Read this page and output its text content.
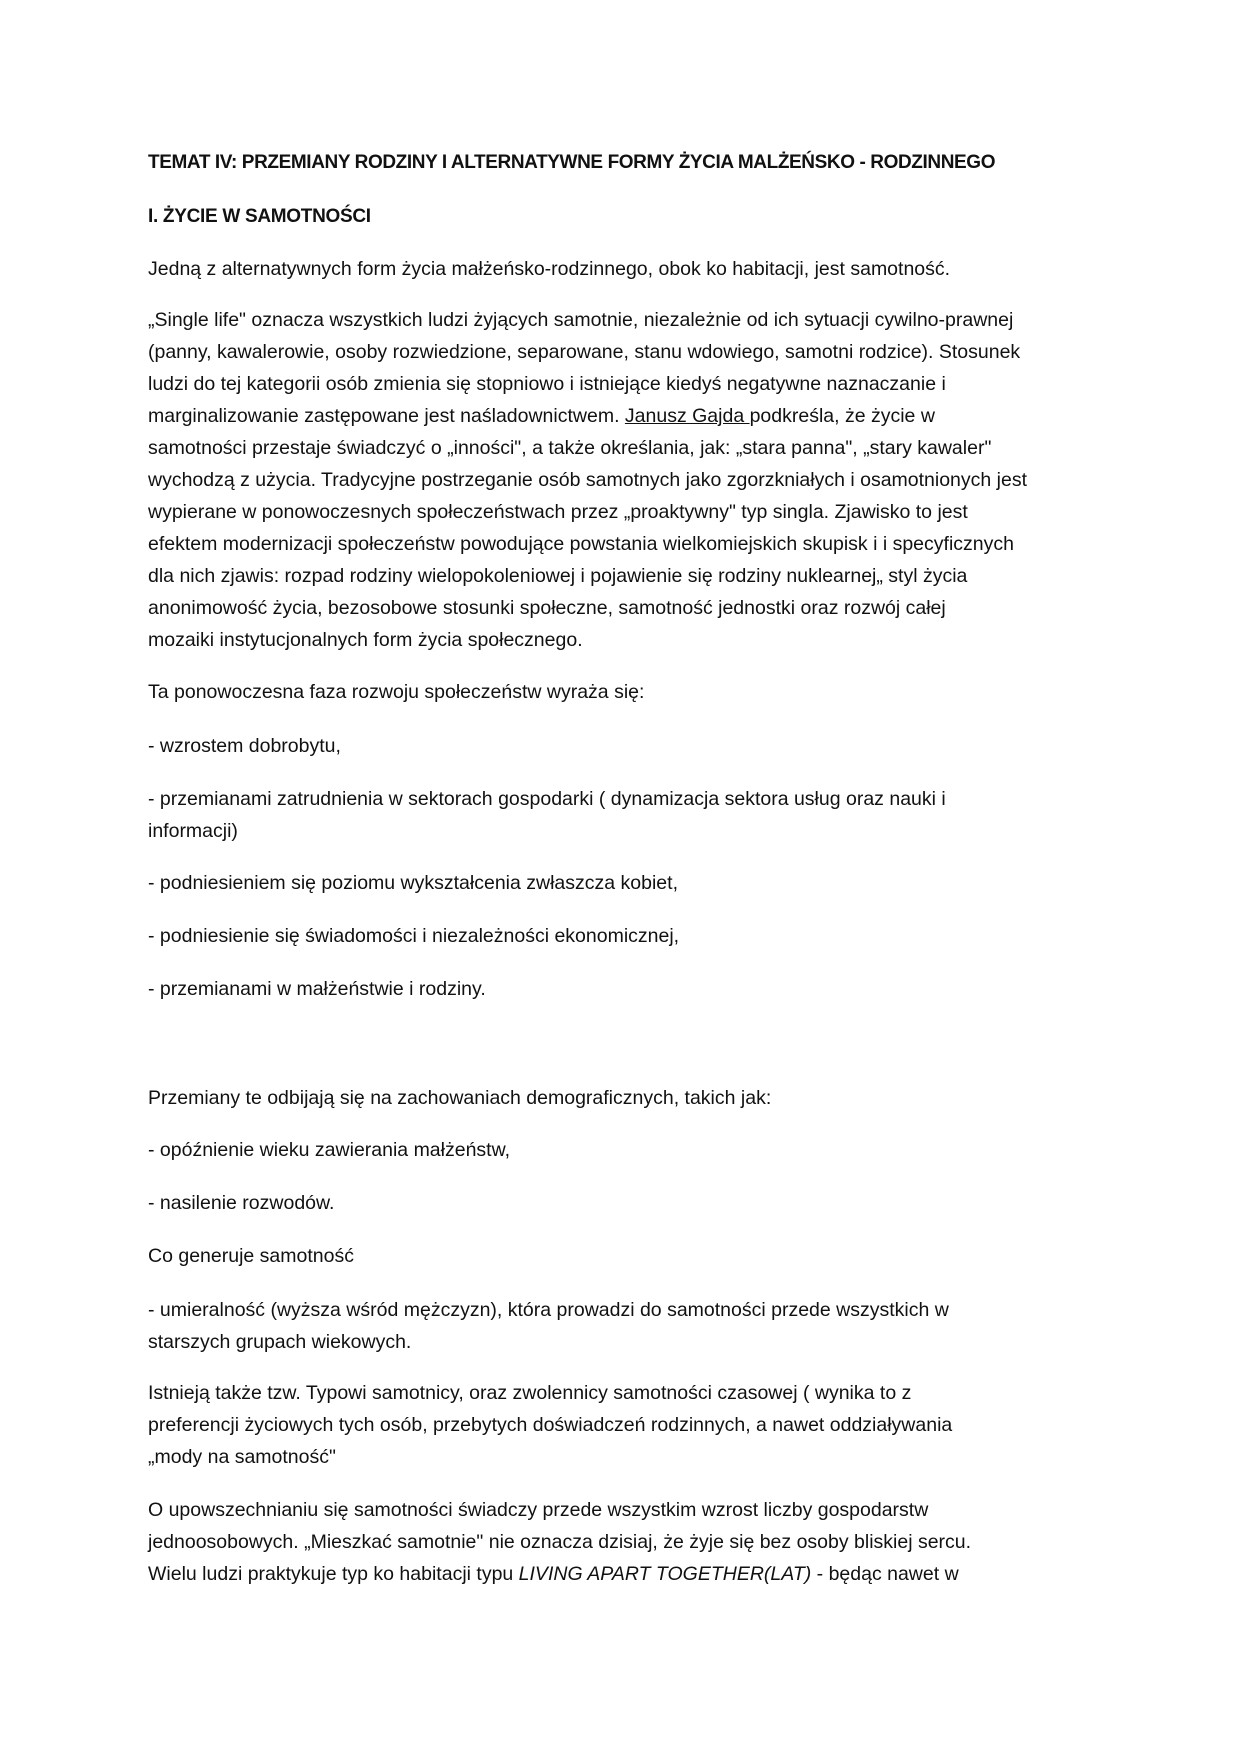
TEMAT IV: PRZEMIANY RODZINY I ALTERNATYWNE FORMY ŻYCIA MALŻEŃSKO - RODZINNEGO

I. ŻYCIE W SAMOTNOŚCI

Jedną z alternatywnych form życia małżeńsko-rodzinnego, obok ko habitacji, jest samotność.

„Single life" oznacza wszystkich ludzi żyjących samotnie, niezależnie od ich sytuacji cywilno-prawnej
(panny, kawalerowie, osoby rozwiedzione, separowane, stanu wdowiego, samotni rodzice). Stosunek
ludzi do tej kategorii osób zmienia się stopniowo i istniejące kiedyś negatywne naznaczanie i
marginalizowanie zastępowane jest naśladownictwem. Janusz Gajda podkreśla, że życie w
samotności przestaje świadczyć o „inności", a także określania, jak: „stara panna", „stary kawaler"
wychodzą z użycia. Tradycyjne postrzeganie osób samotnych jako zgorzkniałych i osamotnionych jest
wypierane w ponowoczesnych społeczeństwach przez „proaktywny" typ singla. Zjawisko to jest
efektem modernizacji społeczeństw powodujące powstania wielkomiejskich skupisk i i specyficznych
dla nich zjawis: rozpad rodziny wielopokoleniowej i pojawienie się rodziny nuklearnej„ styl życia
anonimowość życia, bezosobowe stosunki społeczne, samotność jednostki oraz rozwój całej
mozaiki instytucjonalnych form życia społecznego.

Ta ponowoczesna faza rozwoju społeczeństw wyraża się:

- wzrostem dobrobytu,

- przemianami zatrudnienia w sektorach gospodarki ( dynamizacja sektora usług oraz nauki i
informacji)

- podniesieniem się poziomu wykształcenia zwłaszcza kobiet,

- podniesienie się świadomości i niezależności ekonomicznej,

- przemianami w małżeństwie i rodziny.

Przemiany te odbijają się na zachowaniach demograficznych, takich jak:

- opóźnienie wieku zawierania małżeństw,

- nasilenie rozwodów.

Co generuje samotność

- umieralność (wyższa wśród mężczyzn), która prowadzi do samotności przede wszystkich w
starszych grupach wiekowych.
Istnieją także tzw. Typowi samotnicy, oraz zwolennicy samotności czasowej ( wynika to z
preferencji życiowych tych osób, przebytych doświadczeń rodzinnych, a nawet oddziaływania
„mody na samotność"
O upowszechnianiu się samotności świadczy przede wszystkim wzrost liczby gospodarstw
jednoosobowych. „Mieszkać samotnie" nie oznacza dzisiaj, że żyje się bez osoby bliskiej sercu.
Wielu ludzi praktykuje typ ko habitacji typu LIVING APART TOGETHER(LAT) - będąc nawet w
